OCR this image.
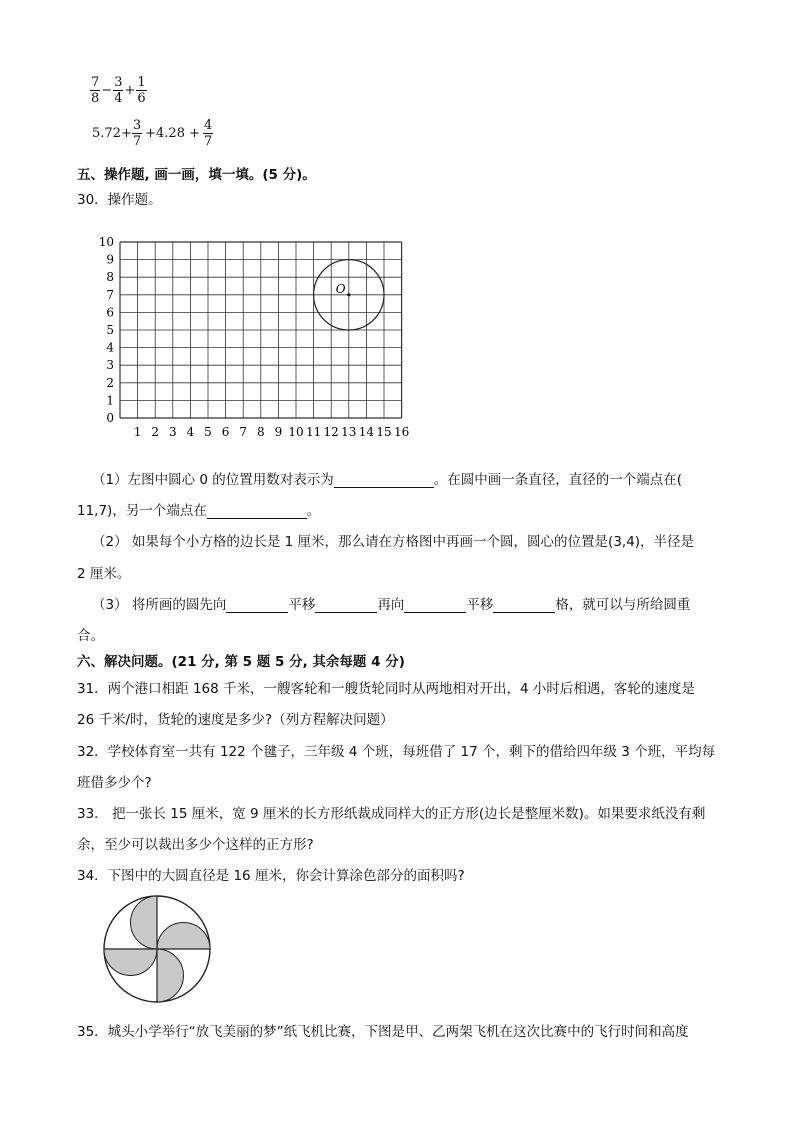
$\frac{7}{8} - \frac{3}{4} + \frac{1}{6}$
$5.72+ \frac{3}{7} +4.28 + \frac{4}{7}$
五、操作题, 画一画，填一填。(5 分)。
30．操作题。
10
9
8
7
6
5
4
3
2
1
0
1 2 3 4 5 6 7 8 9 10 11 12 13 14 15 16
O
（1）左图中圆心 0 的位置用数对表示为	。在圆中画一条直径，直径的一个端点在(
11,7)，另一个端点在	。
（2） 如果每个小方格的边长是 1 厘米，那么请在方格图中再画一个圆，圆心的位置是(3,4)，半径是
2 厘米。
（3） 将所画的圆先向	平移	再向	平移	格，就可以与所给圆重
合。
六、解决问题。(21 分, 第 5 题 5 分, 其余每题 4 分)
31．两个港口相距 168 千米，一艘客轮和一艘货轮同时从两地相对开出，4 小时后相遇，客轮的速度是
26 千米/时，货轮的速度是多少?（列方程解决问题）
32．学校体育室一共有 122 个毽子，三年级 4 个班，每班借了 17 个，剩下的借给四年级 3 个班，平均每
班借多少个?
33． 把一张长 15 厘米，宽 9 厘米的长方形纸裁成同样大的正方形(边长是整厘米数)。如果要求纸没有剩
余，至少可以裁出多少个这样的正方形?
34．下图中的大圆直径是 16 厘米，你会计算涂色部分的面积吗?
35．城头小学举行“放飞美丽的梦”纸飞机比赛，下图是甲、乙两架飞机在这次比赛中的飞行时间和高度
